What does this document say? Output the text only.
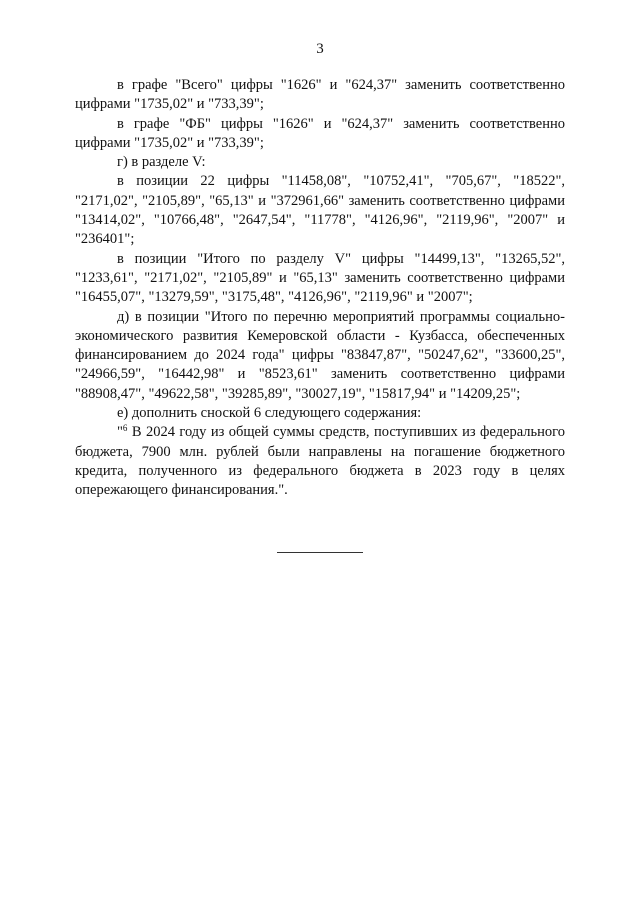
3

в графе "Всего" цифры "1626" и "624,37" заменить соответственно цифрами "1735,02" и "733,39";

в графе "ФБ" цифры "1626" и "624,37" заменить соответственно цифрами "1735,02" и "733,39";

г) в разделе V:

в позиции 22 цифры "11458,08", "10752,41", "705,67", "18522", "2171,02", "2105,89", "65,13" и "372961,66" заменить соответственно цифрами "13414,02", "10766,48", "2647,54", "11778", "4126,96", "2119,96", "2007" и "236401";

в позиции "Итого по разделу V" цифры "14499,13", "13265,52", "1233,61", "2171,02", "2105,89" и "65,13" заменить соответственно цифрами "16455,07", "13279,59", "3175,48", "4126,96", "2119,96" и "2007";

д) в позиции "Итого по перечню мероприятий программы социально-экономического развития Кемеровской области - Кузбасса, обеспеченных финансированием до 2024 года" цифры "83847,87", "50247,62", "33600,25", "24966,59", "16442,98" и "8523,61" заменить соответственно цифрами "88908,47", "49622,58", "39285,89", "30027,19", "15817,94" и "14209,25";

е) дополнить сноской 6 следующего содержания:

"$^6$ В 2024 году из общей суммы средств, поступивших из федерального бюджета, 7900 млн. рублей были направлены на погашение бюджетного кредита, полученного из федерального бюджета в 2023 году в целях опережающего финансирования.".
